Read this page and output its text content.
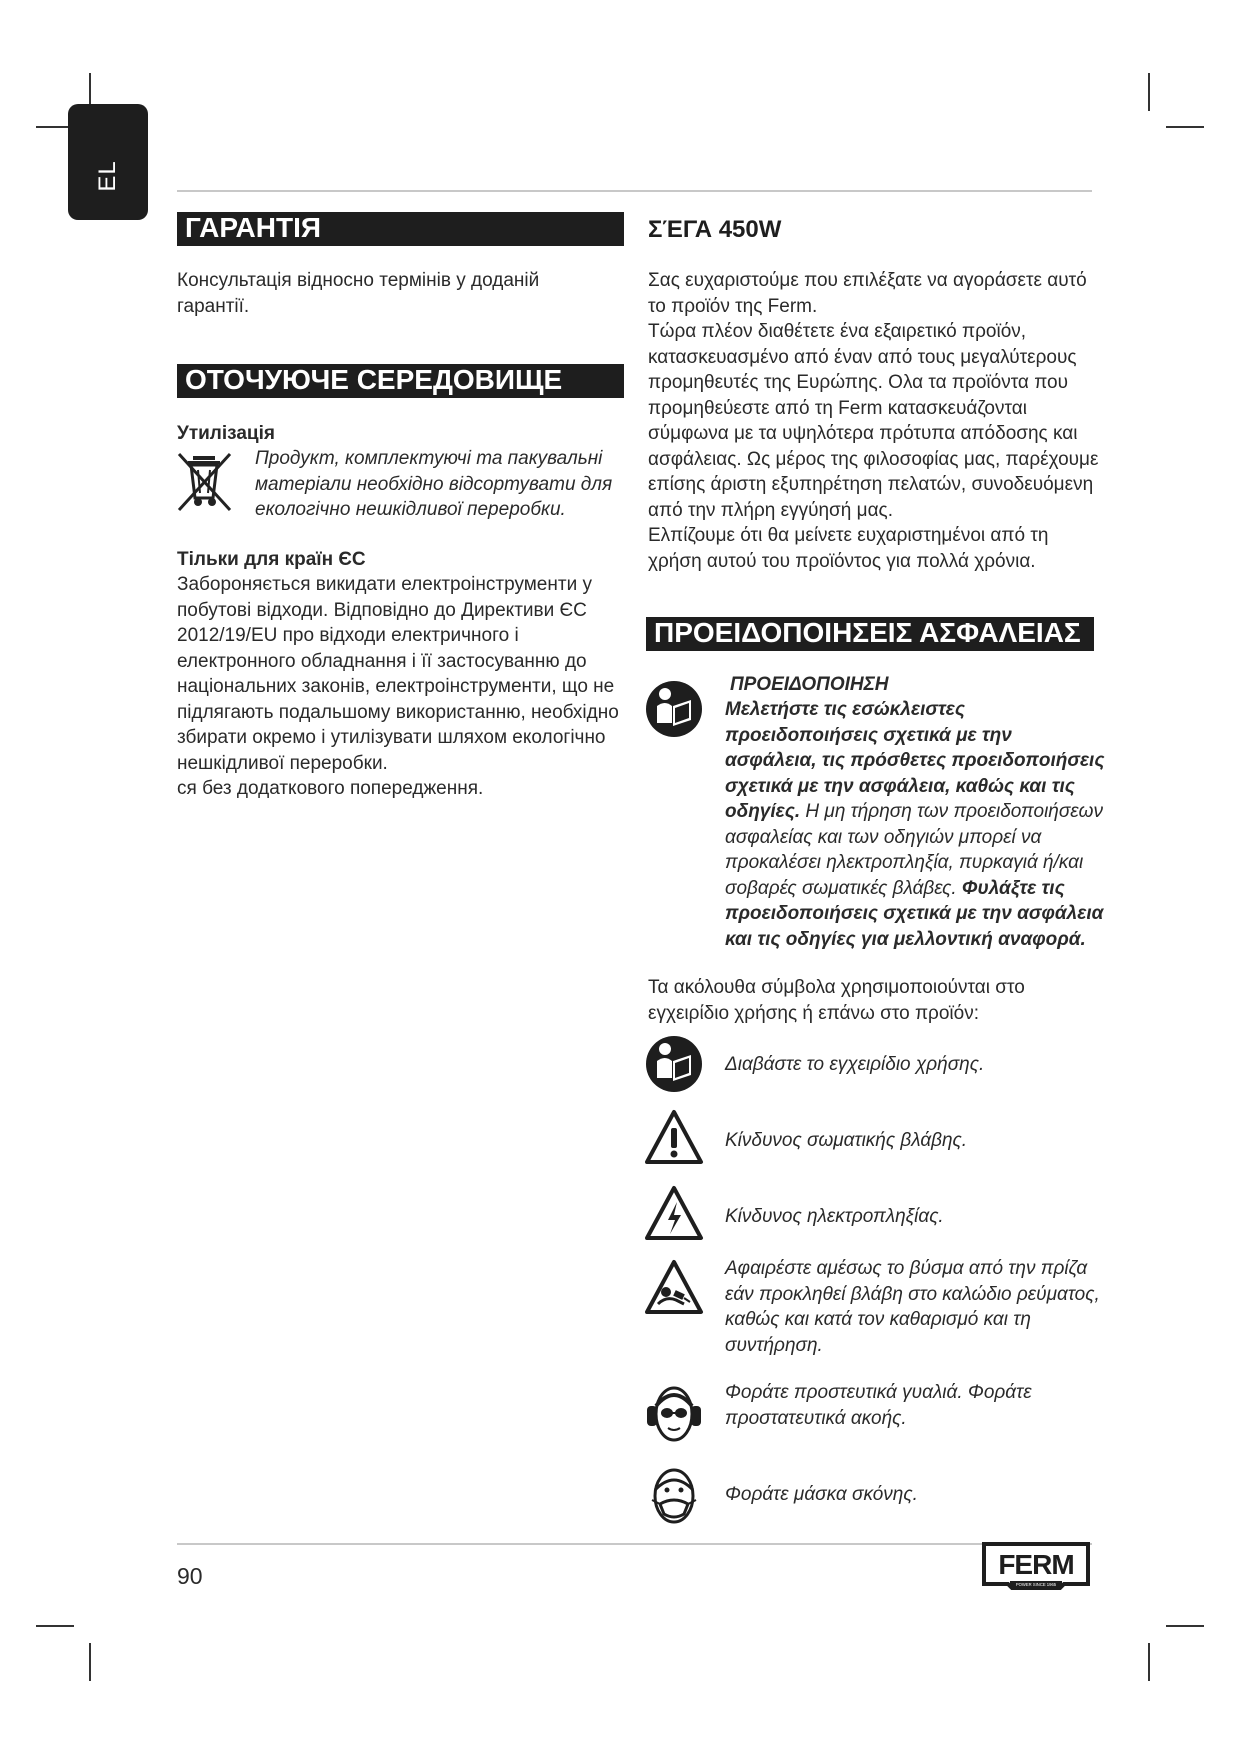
EL
ГАРАНТІЯ
Консультація відносно термінів у доданій гарантії.
ОТОЧУЮЧЕ СЕРЕДОВИЩЕ
Утилізація
Продукт, комплектуючі та пакувальні матеріали необхідно відсортувати для екологічно нешкідливої переробки.
Тільки для країн ЄС
Забороняється викидати електроінструменти у побутові відходи. Відповідно до Директиви ЄС 2012/19/EU про відходи електричного і електронного обладнання і її застосуванню до національних законів, електроінструменти, що не підлягають подальшому використанню, необхідно збирати окремо і утилізувати шляхом екологічно нешкідливої переробки.
ся без додаткового попередження.
ΣΈΓΑ 450W
Σας ευχαριστούμε που επιλέξατε να αγοράσετε αυτό το προϊόν της Ferm.
Τώρα πλέον διαθέτετε ένα εξαιρετικό προϊόν, κατασκευασμένο από έναν από τους μεγαλύτερους προμηθευτές της Ευρώπης. Ολα τα προϊόντα που προμηθεύεστε από τη Ferm κατασκευάζονται σύμφωνα με τα υψηλότερα πρότυπα απόδοσης και ασφάλειας. Ως μέρος της φιλοσοφίας μας, παρέχουμε επίσης άριστη εξυπηρέτηση πελατών, συνοδευόμενη από την πλήρη εγγύησή μας.
Ελπίζουμε ότι θα μείνετε ευχαριστημένοι από τη χρήση αυτού του προϊόντος για πολλά χρόνια.
ΠΡΟΕΙΔΟΠΟΙΗΣΕΙΣ ΑΣΦΑΛΕΙΑΣ
ΠΡΟΕΙΔΟΠΟΙΗΣΗ
Μελετήστε τις εσώκλειστες προειδοποιήσεις σχετικά με την ασφάλεια, τις πρόσθετες προειδοποιήσεις σχετικά με την ασφάλεια, καθώς και τις οδηγίες. Η μη τήρηση των προειδοποιήσεων ασφαλείας και των οδηγιών μπορεί να προκαλέσει ηλεκτροπληξία, πυρκαγιά ή/και σοβαρές σωματικές βλάβες. Φυλάξτε τις προειδοποιήσεις σχετικά με την ασφάλεια και τις οδηγίες για μελλοντική αναφορά.
Τα ακόλουθα σύμβολα χρησιμοποιούνται στο εγχειρίδιο χρήσης ή επάνω στο προϊόν:
Διαβάστε το εγχειρίδιο χρήσης.
Κίνδυνος σωματικής βλάβης.
Κίνδυνος ηλεκτροπληξίας.
Αφαιρέστε αμέσως το βύσμα από την πρίζα εάν προκληθεί βλάβη στο καλώδιο ρεύματος, καθώς και κατά τον καθαρισμό και τη συντήρηση.
Φοράτε προστευτικά γυαλιά. Φοράτε προστατευτικά ακοής.
Φοράτε μάσκα σκόνης.
90	FERM
POWER SINCE 1965
